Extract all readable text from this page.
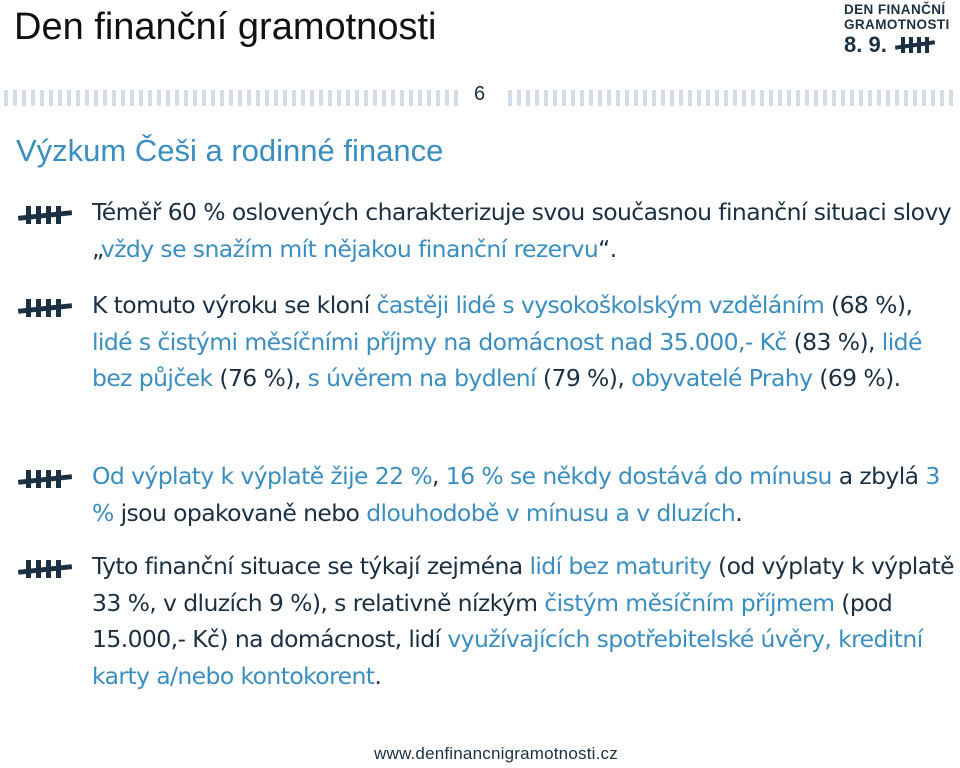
Den finanční gramotnosti	DEN FINANČNÍ
GRAMOTNOSTI
8. 9.
6
Výzkum Češi a rodinné finance

Téměř 60 % oslovených charakterizuje svou současnou finanční situaci slovy „vždy se snažím mít nějakou finanční rezervu“.

K tomuto výroku se kloní častěji lidé s vysokoškolským vzděláním (68 %), lidé s čistými měsíčními příjmy na domácnost nad 35.000,- Kč (83 %), lidé bez půjček (76 %), s úvěrem na bydlení (79 %), obyvatelé Prahy (69 %).

Od výplaty k výplatě žije 22 %, 16 % se někdy dostává do mínusu a zbylá 3 % jsou opakovaně nebo dlouhodobě v mínusu a v dluzích.

Tyto finanční situace se týkají zejména lidí bez maturity (od výplaty k výplatě 33 %, v dluzích 9 %), s relativně nízkým čistým měsíčním příjmem (pod 15.000,- Kč) na domácnost, lidí využívajících spotřebitelské úvěry, kreditní karty a/nebo kontokorent.

www.denfinancnigramotnosti.cz
